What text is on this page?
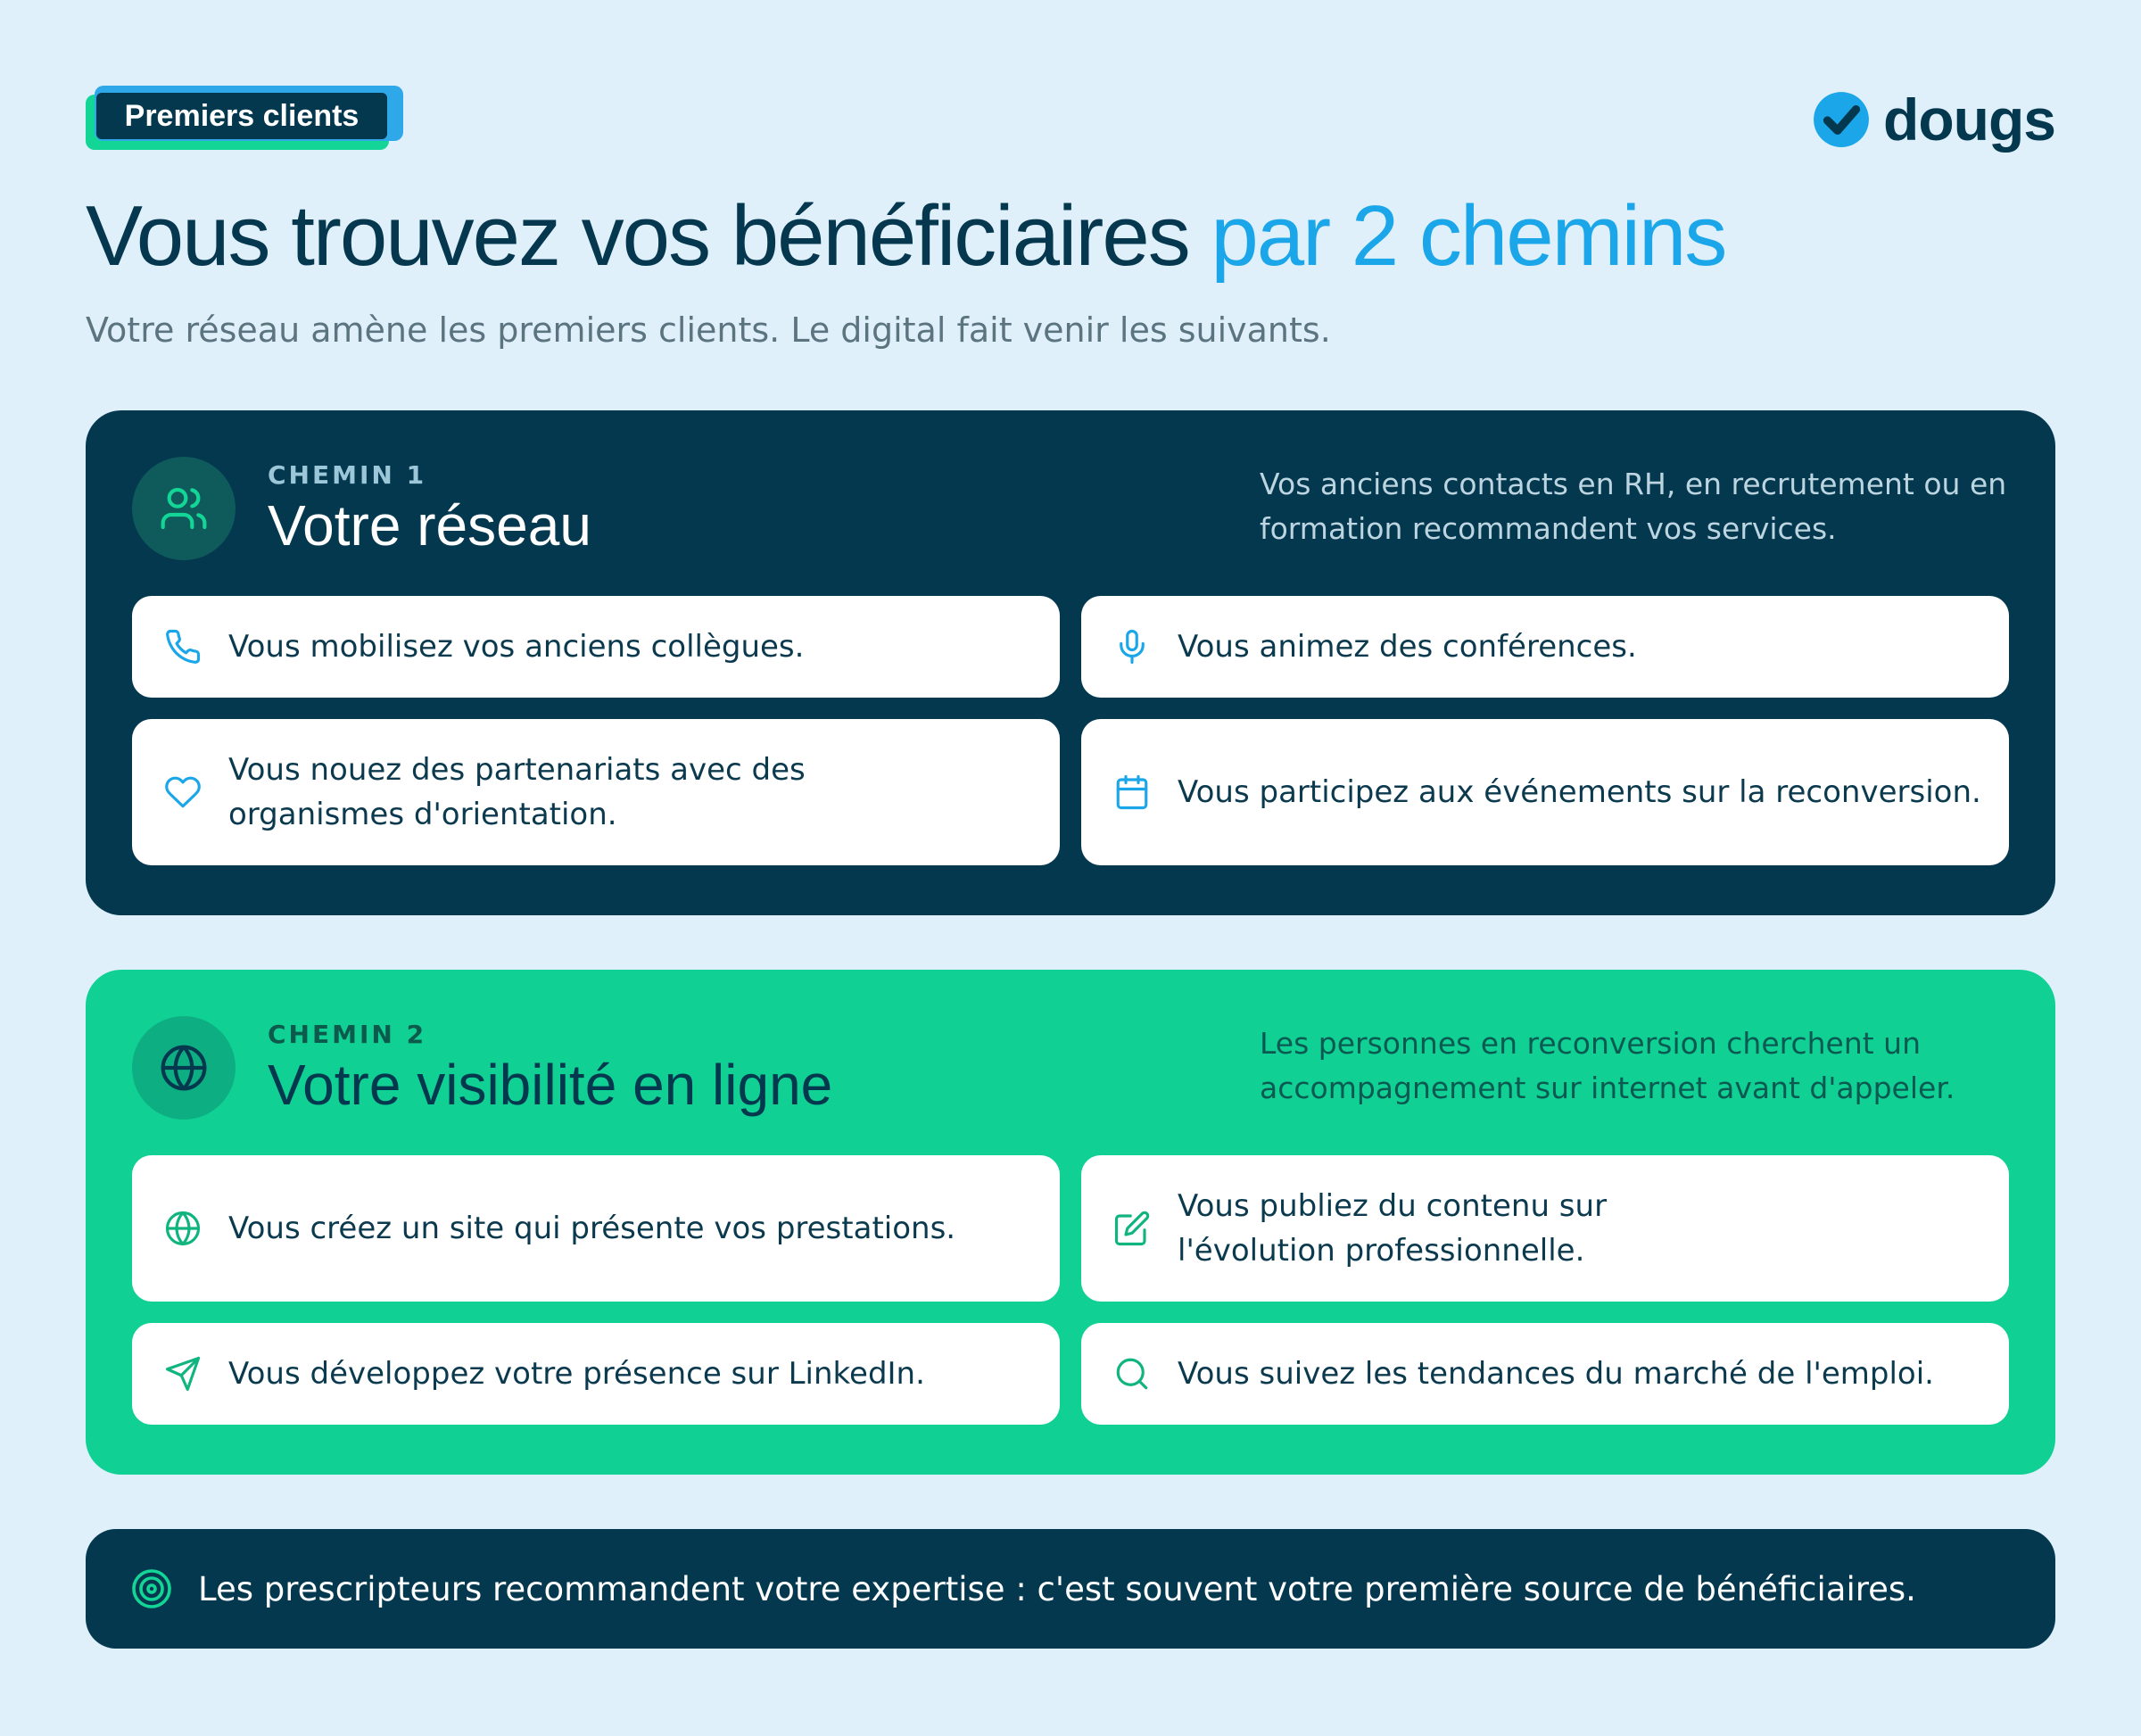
Premiers clients	dougs
Vous trouvez vos bénéficiaires par 2 chemins
Votre réseau amène les premiers clients. Le digital fait venir les suivants.
CHEMIN 1
Votre réseau
Vos anciens contacts en RH, en recrutement ou en formation recommandent vos services.
Vous mobilisez vos anciens collègues.	Vous animez des conférences.
Vous nouez des partenariats avec des organismes d'orientation.
Vous participez aux événements sur la reconversion.
CHEMIN 2
Votre visibilité en ligne
Les personnes en reconversion cherchent un accompagnement sur internet avant d'appeler.
Vous créez un site qui présente vos prestations.
Vous publiez du contenu sur l'évolution professionnelle.
Vous développez votre présence sur LinkedIn.	Vous suivez les tendances du marché de l'emploi.
Les prescripteurs recommandent votre expertise : c'est souvent votre première source de bénéficiaires.
